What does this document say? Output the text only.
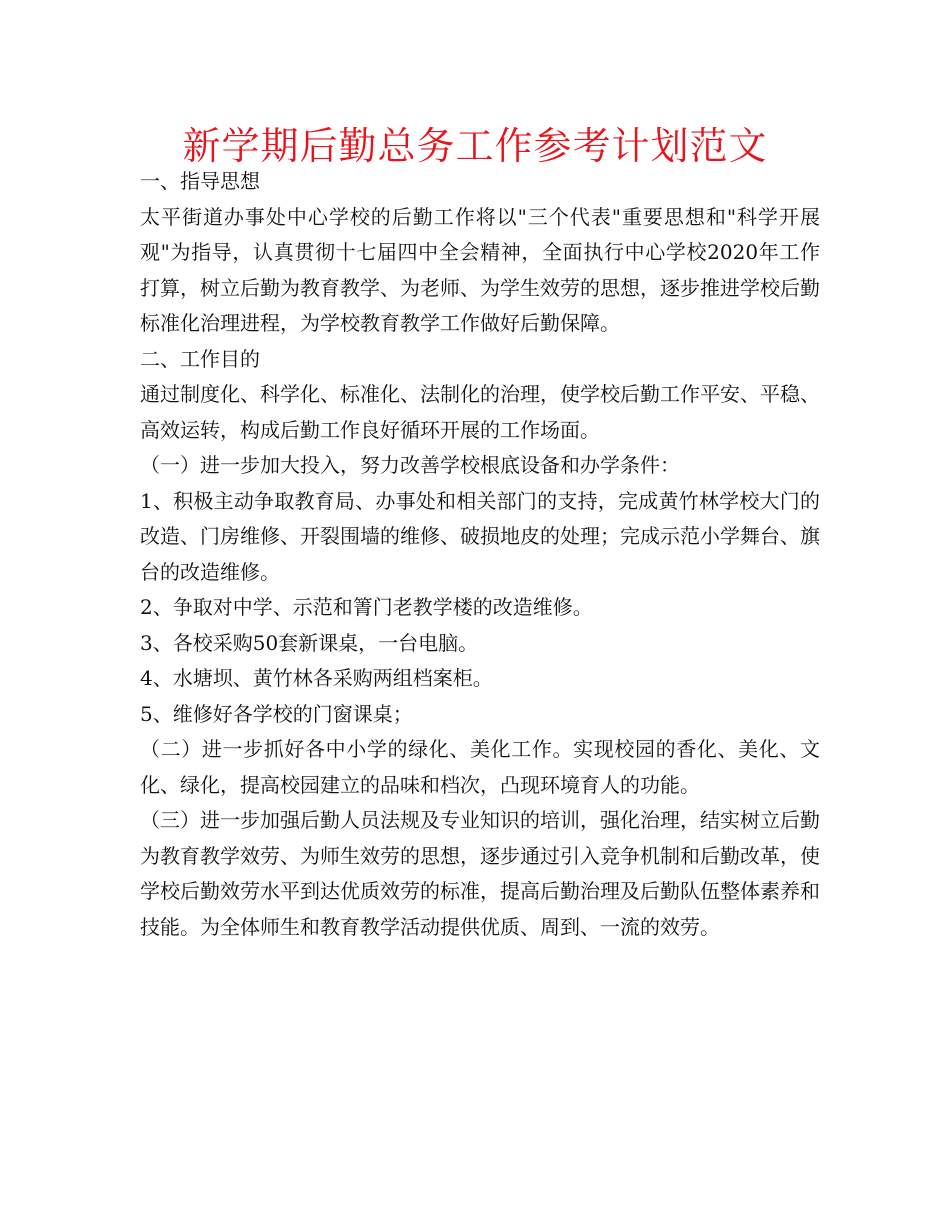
新学期后勤总务工作参考计划范文

一、指导思想

太平街道办事处中心学校的后勤工作将以"三个代表"重要思想和"科学开展观"为指导，认真贯彻十七届四中全会精神，全面执行中心学校2020年工作打算，树立后勤为教育教学、为老师、为学生效劳的思想，逐步推进学校后勤标准化治理进程，为学校教育教学工作做好后勤保障。

二、工作目的

通过制度化、科学化、标准化、法制化的治理，使学校后勤工作平安、平稳、高效运转，构成后勤工作良好循环开展的工作场面。

（一）进一步加大投入，努力改善学校根底设备和办学条件：

1、积极主动争取教育局、办事处和相关部门的支持，完成黄竹林学校大门的改造、门房维修、开裂围墙的维修、破损地皮的处理；完成示范小学舞台、旗台的改造维修。

2、争取对中学、示范和箐门老教学楼的改造维修。

3、各校采购50套新课桌，一台电脑。

4、水塘坝、黄竹林各采购两组档案柜。

5、维修好各学校的门窗课桌；

（二）进一步抓好各中小学的绿化、美化工作。实现校园的香化、美化、文化、绿化，提高校园建立的品味和档次，凸现环境育人的功能。

（三）进一步加强后勤人员法规及专业知识的培训，强化治理，结实树立后勤为教育教学效劳、为师生效劳的思想，逐步通过引入竞争机制和后勤改革，使学校后勤效劳水平到达优质效劳的标准，提高后勤治理及后勤队伍整体素养和技能。为全体师生和教育教学活动提供优质、周到、一流的效劳。
